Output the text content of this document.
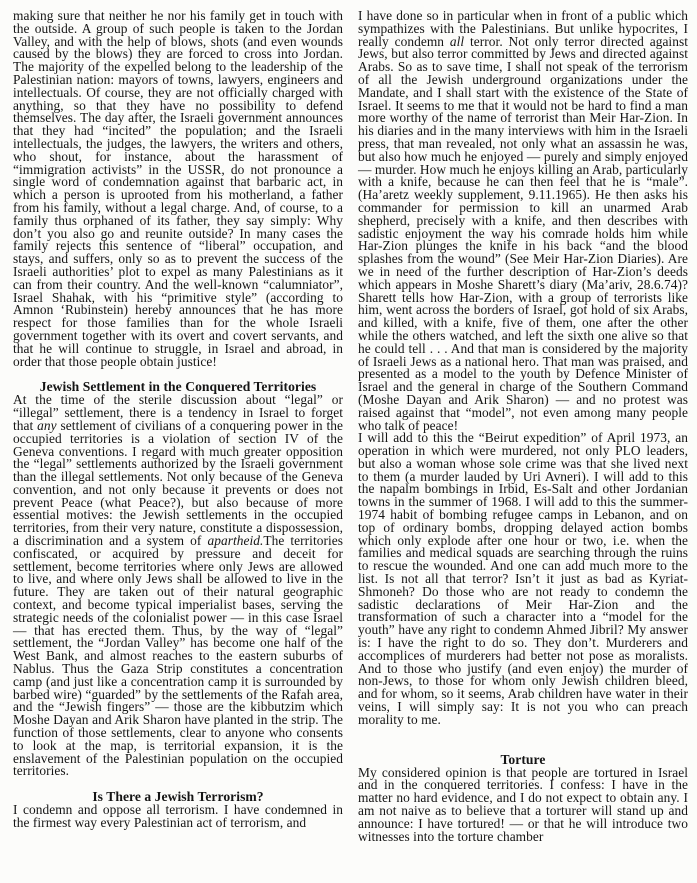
making sure that neither he nor his family get in touch with the outside. A group of such people is taken to the Jordan Valley, and with the help of blows, shots (and even wounds caused by the blows) they are forced to cross into Jordan. The majority of the expelled belong to the leadership of the Palestinian nation: mayors of towns, lawyers, engineers and intellectuals. Of course, they are not officially charged with anything, so that they have no possibility to defend themselves. The day after, the Israeli government announces that they had “incited” the population; and the Israeli intellectuals, the judges, the lawyers, the writers and others, who shout, for instance, about the harassment of “immigration activists” in the USSR, do not pronounce a single word of condemnation against that barbaric act, in which a person is uprooted from his motherland, a father from his family, without a legal charge. And, of course, to a family thus orphaned of its father, they say simply: Why don’t you also go and reunite outside? In many cases the family rejects this sentence of “liberal” occupation, and stays, and suffers, only so as to prevent the success of the Israeli authorities’ plot to expel as many Palestinians as it can from their country. And the well-known “calumniator”, Israel Shahak, with his “primitive style” (according to Amnon ‘Rubinstein) hereby announces that he has more respect for those families than for the whole Israeli government together with its overt and covert servants, and that he will continue to struggle, in Israel and abroad, in order that those people obtain justice!

Jewish Settlement in the Conquered Territories

At the time of the sterile discussion about “legal” or “illegal” settlement, there is a tendency in Israel to forget that any settlement of civilians of a conquering power in the occupied territories is a violation of section IV of the Geneva conventions. I regard with much greater opposition the “legal” settlements authorized by the Israeli government than the illegal settlements. Not only because of the Geneva convention, and not only because it prevents or does not prevent Peace (what Peace?), but also because of more essential motives: the Jewish settlements in the occupied territories, from their very nature, constitute a dispossession, a discrimination and a system of apartheid.The territories confiscated, or acquired by pressure and deceit for settlement, become territories where only Jews are allowed to live, and where only Jews shall be allowed to live in the future. They are taken out of their natural geographic context, and become typical imperialist bases, serving the strategic needs of the colonialist power — in this case Israel — that has erected them. Thus, by the way of “legal” settlement, the “Jordan Valley” has become one half of the West Bank, and almost reaches to the eastern suburbs of Nablus. Thus the Gaza Strip constitutes a concentration camp (and just like a concentration camp it is surrounded by barbed wire) “guarded” by the settlements of the Rafah area, and the “Jewish fingers” — those are the kibbutzim which Moshe Dayan and Arik Sharon have planted in the strip. The function of those settlements, clear to anyone who consents to look at the map, is territorial expansion, it is the enslavement of the Palestinian population on the occupied territories.

Is There a Jewish Terrorism?

I condemn and oppose all terrorism. I have condemned in the firmest way every Palestinian act of terrorism, and

I have done so in particular when in front of a public which sympathizes with the Palestinians. But unlike hypocrites, I really condemn all terror. Not only terror directed against Jews, but also terror committed by Jews and directed against Arabs. So as to save time, I shall not speak of the terrorism of all the Jewish underground organizations under the Mandate, and I shall start with the existence of the State of Israel. It seems to me that it would not be hard to find a man more worthy of the name of terrorist than Meir Har-Zion. In his diaries and in the many interviews with him in the Israeli press, that man revealed, not only what an assassin he was, but also how much he enjoyed — purely and simply enjoyed — murder. How much he enjoys killing an Arab, particularly with a knife, because he can then feel that he is “male”. (Ha’aretz weekly supplement, 9.11.1965). He then asks his commander for permission to kill an unarmed Arab shepherd, precisely with a knife, and then describes with sadistic enjoyment the way his comrade holds him while Har-Zion plunges the knife in his back “and the blood splashes from the wound” (See Meir Har-Zion Diaries). Are we in need of the further description of Har-Zion’s deeds which appears in Moshe Sharett’s diary (Ma’ariv, 28.6.74)? Sharett tells how Har-Zion, with a group of terrorists like him, went across the borders of Israel, got hold of six Arabs, and killed, with a knife, five of them, one after the other while the others watched, and left the sixth one alive so that he could tell . . . And that man is considered by the majority of Israeli Jews as a national hero. That man was praised, and presented as a model to the youth by Defence Minister of Israel and the general in charge of the Southern Command (Moshe Dayan and Arik Sharon) — and no protest was raised against that “model”, not even among many people who talk of peace!

I will add to this the “Beirut expedition” of April 1973, an operation in which were murdered, not only PLO leaders, but also a woman whose sole crime was that she lived next to them (a murder lauded by Uri Avneri). I will add to this the napalm bombings in Irbid, Es-Salt and other Jordanian towns in the summer of 1968. I will add to this the summer-1974 habit of bombing refugee camps in Lebanon, and on top of ordinary bombs, dropping delayed action bombs which only explode after one hour or two, i.e. when the families and medical squads are searching through the ruins to rescue the wounded. And one can add much more to the list. Is not all that terror? Isn’t it just as bad as Kyriat-Shmoneh? Do those who are not ready to condemn the sadistic declarations of Meir Har-Zion and the transformation of such a character into a “model for the youth” have any right to condemn Ahmed Jibril? My answer is: I have the right to do so. They don’t. Murderers and accomplices of murderers had better not pose as moralists. And to those who justify (and even enjoy) the murder of non-Jews, to those for whom only Jewish children bleed, and for whom, so it seems, Arab children have water in their veins, I will simply say: It is not you who can preach morality to me.

Torture

My considered opinion is that people are tortured in Israel and in the conquered territories. I confess: I have in the matter no hard evidence, and I do not expect to obtain any. I am not naive as to believe that a torturer will stand up and announce: I have tortured! — or that he will introduce two witnesses into the torture chamber
